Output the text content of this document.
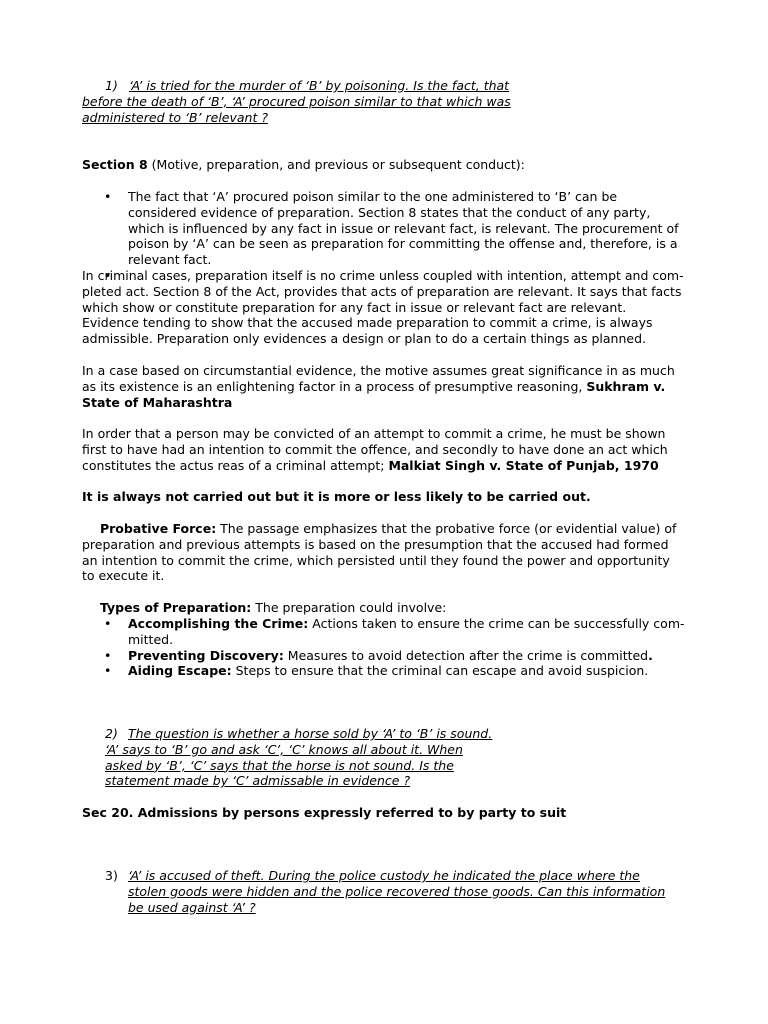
1) ‘A’ is tried for the murder of ‘B’ by poisoning. Is the fact, that before the death of ‘B’, ‘A’ procured poison similar to that which was administered to ‘B’ relevant ?

Section 8 (Motive, preparation, and previous or subsequent conduct):

• The fact that ‘A’ procured poison similar to the one administered to ‘B’ can be considered evidence of preparation. Section 8 states that the conduct of any party, which is influenced by any fact in issue or relevant fact, is relevant. The procurement of poison by ‘A’ can be seen as preparation for committing the offense and, therefore, is a relevant fact.
•

In criminal cases, preparation itself is no crime unless coupled with intention, attempt and completed act. Section 8 of the Act, provides that acts of preparation are relevant. It says that facts which show or constitute preparation for any fact in issue or relevant fact are relevant. Evidence tending to show that the accused made preparation to commit a crime, is always admissible. Preparation only evidences a design or plan to do a certain things as planned.

In a case based on circumstantial evidence, the motive assumes great significance in as much as its existence is an enlightening factor in a process of presumptive reasoning, Sukhram v. State of Maharashtra

In order that a person may be convicted of an attempt to commit a crime, he must be shown first to have had an intention to commit the offence, and secondly to have done an act which constitutes the actus reas of a criminal attempt; Malkiat Singh v. State of Punjab, 1970

It is always not carried out but it is more or less likely to be carried out.

Probative Force: The passage emphasizes that the probative force (or evidential value) of preparation and previous attempts is based on the presumption that the accused had formed an intention to commit the crime, which persisted until they found the power and opportunity to execute it.

Types of Preparation: The preparation could involve:

• Accomplishing the Crime: Actions taken to ensure the crime can be successfully committed.
• Preventing Discovery: Measures to avoid detection after the crime is committed.
• Aiding Escape: Steps to ensure that the criminal can escape and avoid suspicion.
2) The question is whether a horse sold by ‘A’ to ‘B’ is sound. ‘A’ says to ‘B’ go and ask ‘C’, ‘C’ knows all about it. When asked by ‘B’, ‘C’ says that the horse is not sound. Is the statement made by ‘C’ admissable in evidence ?

Sec 20. Admissions by persons expressly referred to by party to suit

3) ‘A’ is accused of theft. During the police custody he indicated the place where the stolen goods were hidden and the police recovered those goods. Can this information be used against ‘A’ ?
